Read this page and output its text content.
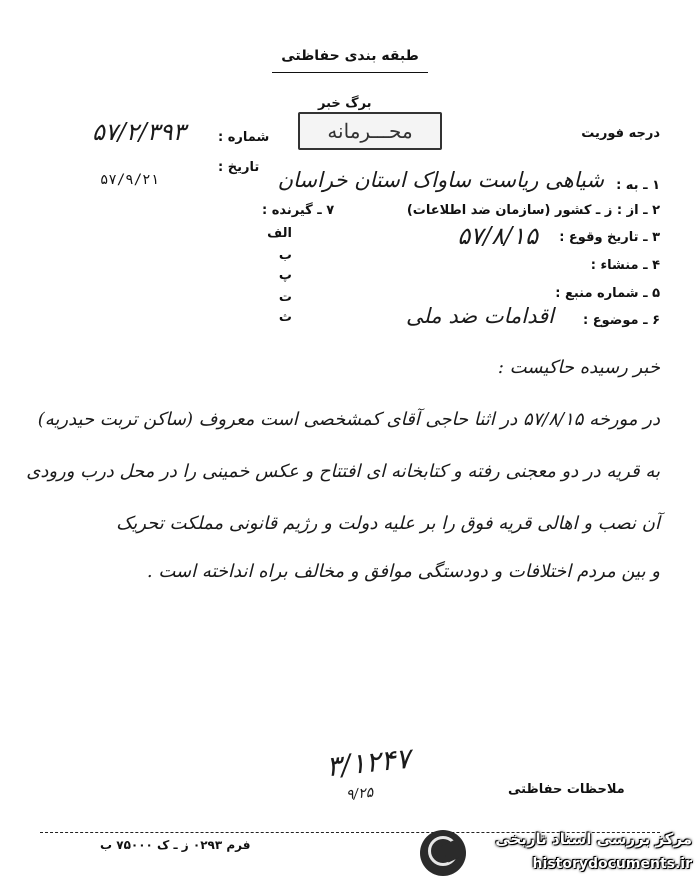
طبقه بندی حفاظتی
برگ خبر
محـــرمانه	درجه فوریت
شماره :
۵۷/۲/۳۹۳
تاریخ :
۵۷/۹/۲۱	۱ ـ به :
شیاهی ریاست ساواک استان خراسان
۲ ـ از : ز ـ کشور (سازمان ضد اطلاعات)
۳ ـ تاریخ وقوع :
۵۷/۸/۱۵
۴ ـ منشاء :
۵ ـ شماره منبع :
۶ ـ موضوع :
اقدامات ضد ملی
۷ ـ گیرنده :
الف
ب
پ
ت
ث
خبر رسیده حاکیست :
در مورخه ۵۷/۸/۱۵ در اثنا حاجی آقای کمشخصی است معروف (ساکن تربت حیدریه)
به قریه در دو معجنی رفته و کتابخانه ای افتتاح و عکس خمینی را در محل درب ورودی
آن نصب و اهالی قریه فوق را بر علیه دولت و رژیم قانونی مملکت تحریک
و بین مردم اختلافات و دودستگی موافق و مخالف براه انداخته است .
۳/۱۲۴۷
۹/۲۵	ملاحظات حفاظتی
فرم ۰۲۹۳ ز ـ ک ۷۵۰۰۰ ب	مرکز بررسی اسناد تاریخی
historydocuments.ir
